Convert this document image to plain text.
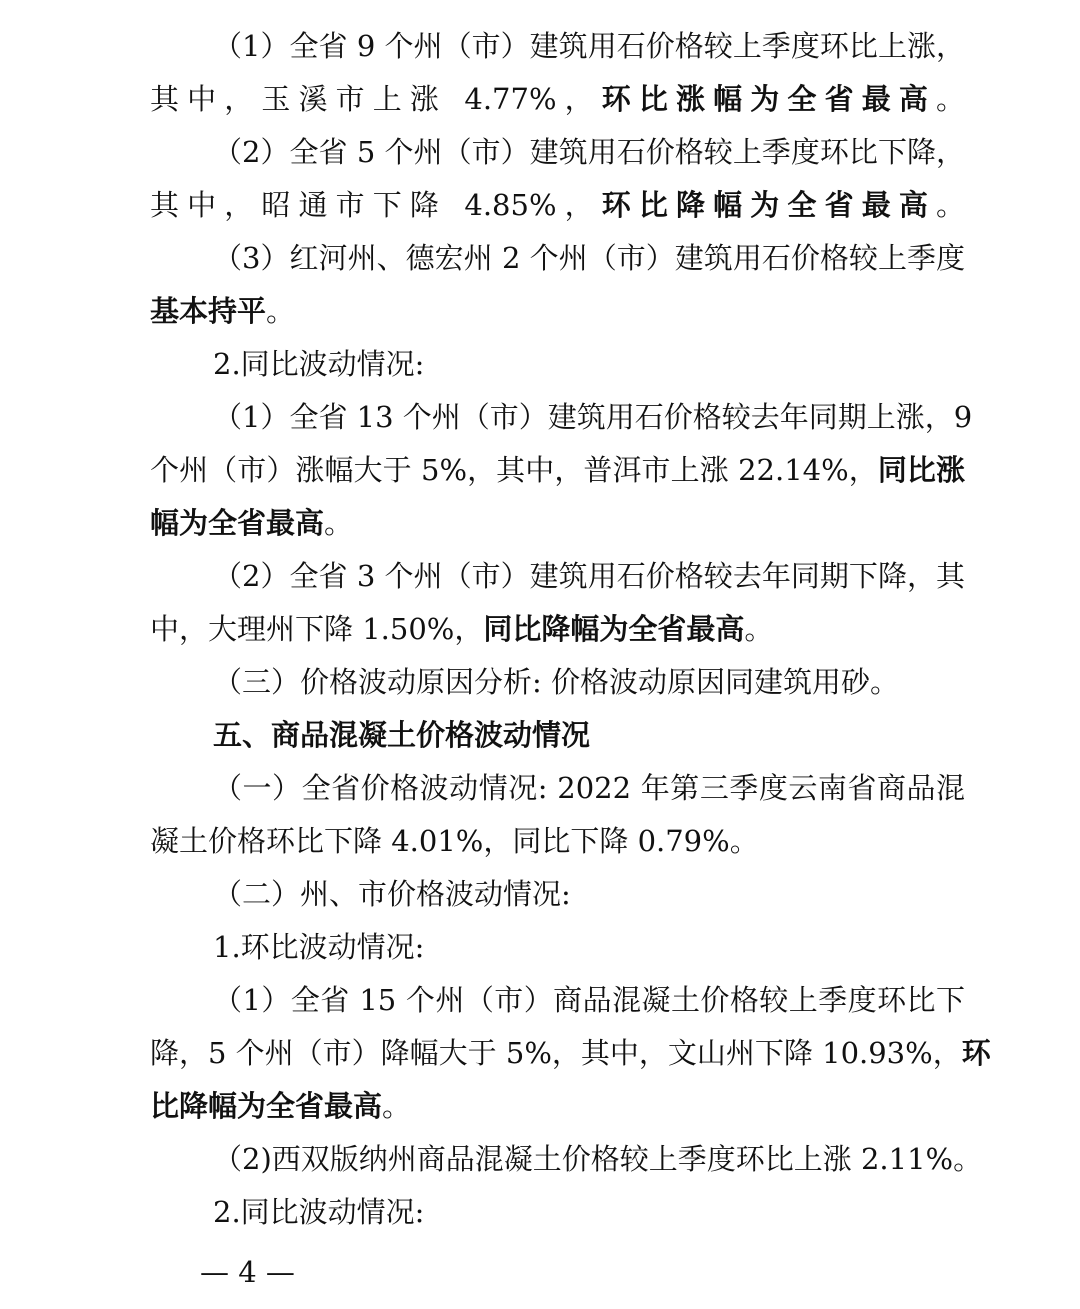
（1）全省 9 个州（市）建筑用石价格较上季度环比上涨，
其中，玉溪市上涨 4.77%，环比涨幅为全省最高。
（2）全省 5 个州（市）建筑用石价格较上季度环比下降，
其中，昭通市下降 4.85%，环比降幅为全省最高。
（3）红河州、德宏州 2 个州（市）建筑用石价格较上季度
基本持平。
2.同比波动情况:
（1）全省 13 个州（市）建筑用石价格较去年同期上涨，9
个州（市）涨幅大于 5%，其中，普洱市上涨 22.14%，同比涨
幅为全省最高。
（2）全省 3 个州（市）建筑用石价格较去年同期下降，其
中，大理州下降 1.50%，同比降幅为全省最高。
（三）价格波动原因分析: 价格波动原因同建筑用砂。
五、商品混凝土价格波动情况
（一）全省价格波动情况: 2022 年第三季度云南省商品混
凝土价格环比下降 4.01%，同比下降 0.79%。
（二）州、市价格波动情况:
1.环比波动情况:
（1）全省 15 个州（市）商品混凝土价格较上季度环比下
降，5 个州（市）降幅大于 5%，其中，文山州下降 10.93%，环
比降幅为全省最高。
（2)西双版纳州商品混凝土价格较上季度环比上涨 2.11%。
2.同比波动情况:
— 4 —
